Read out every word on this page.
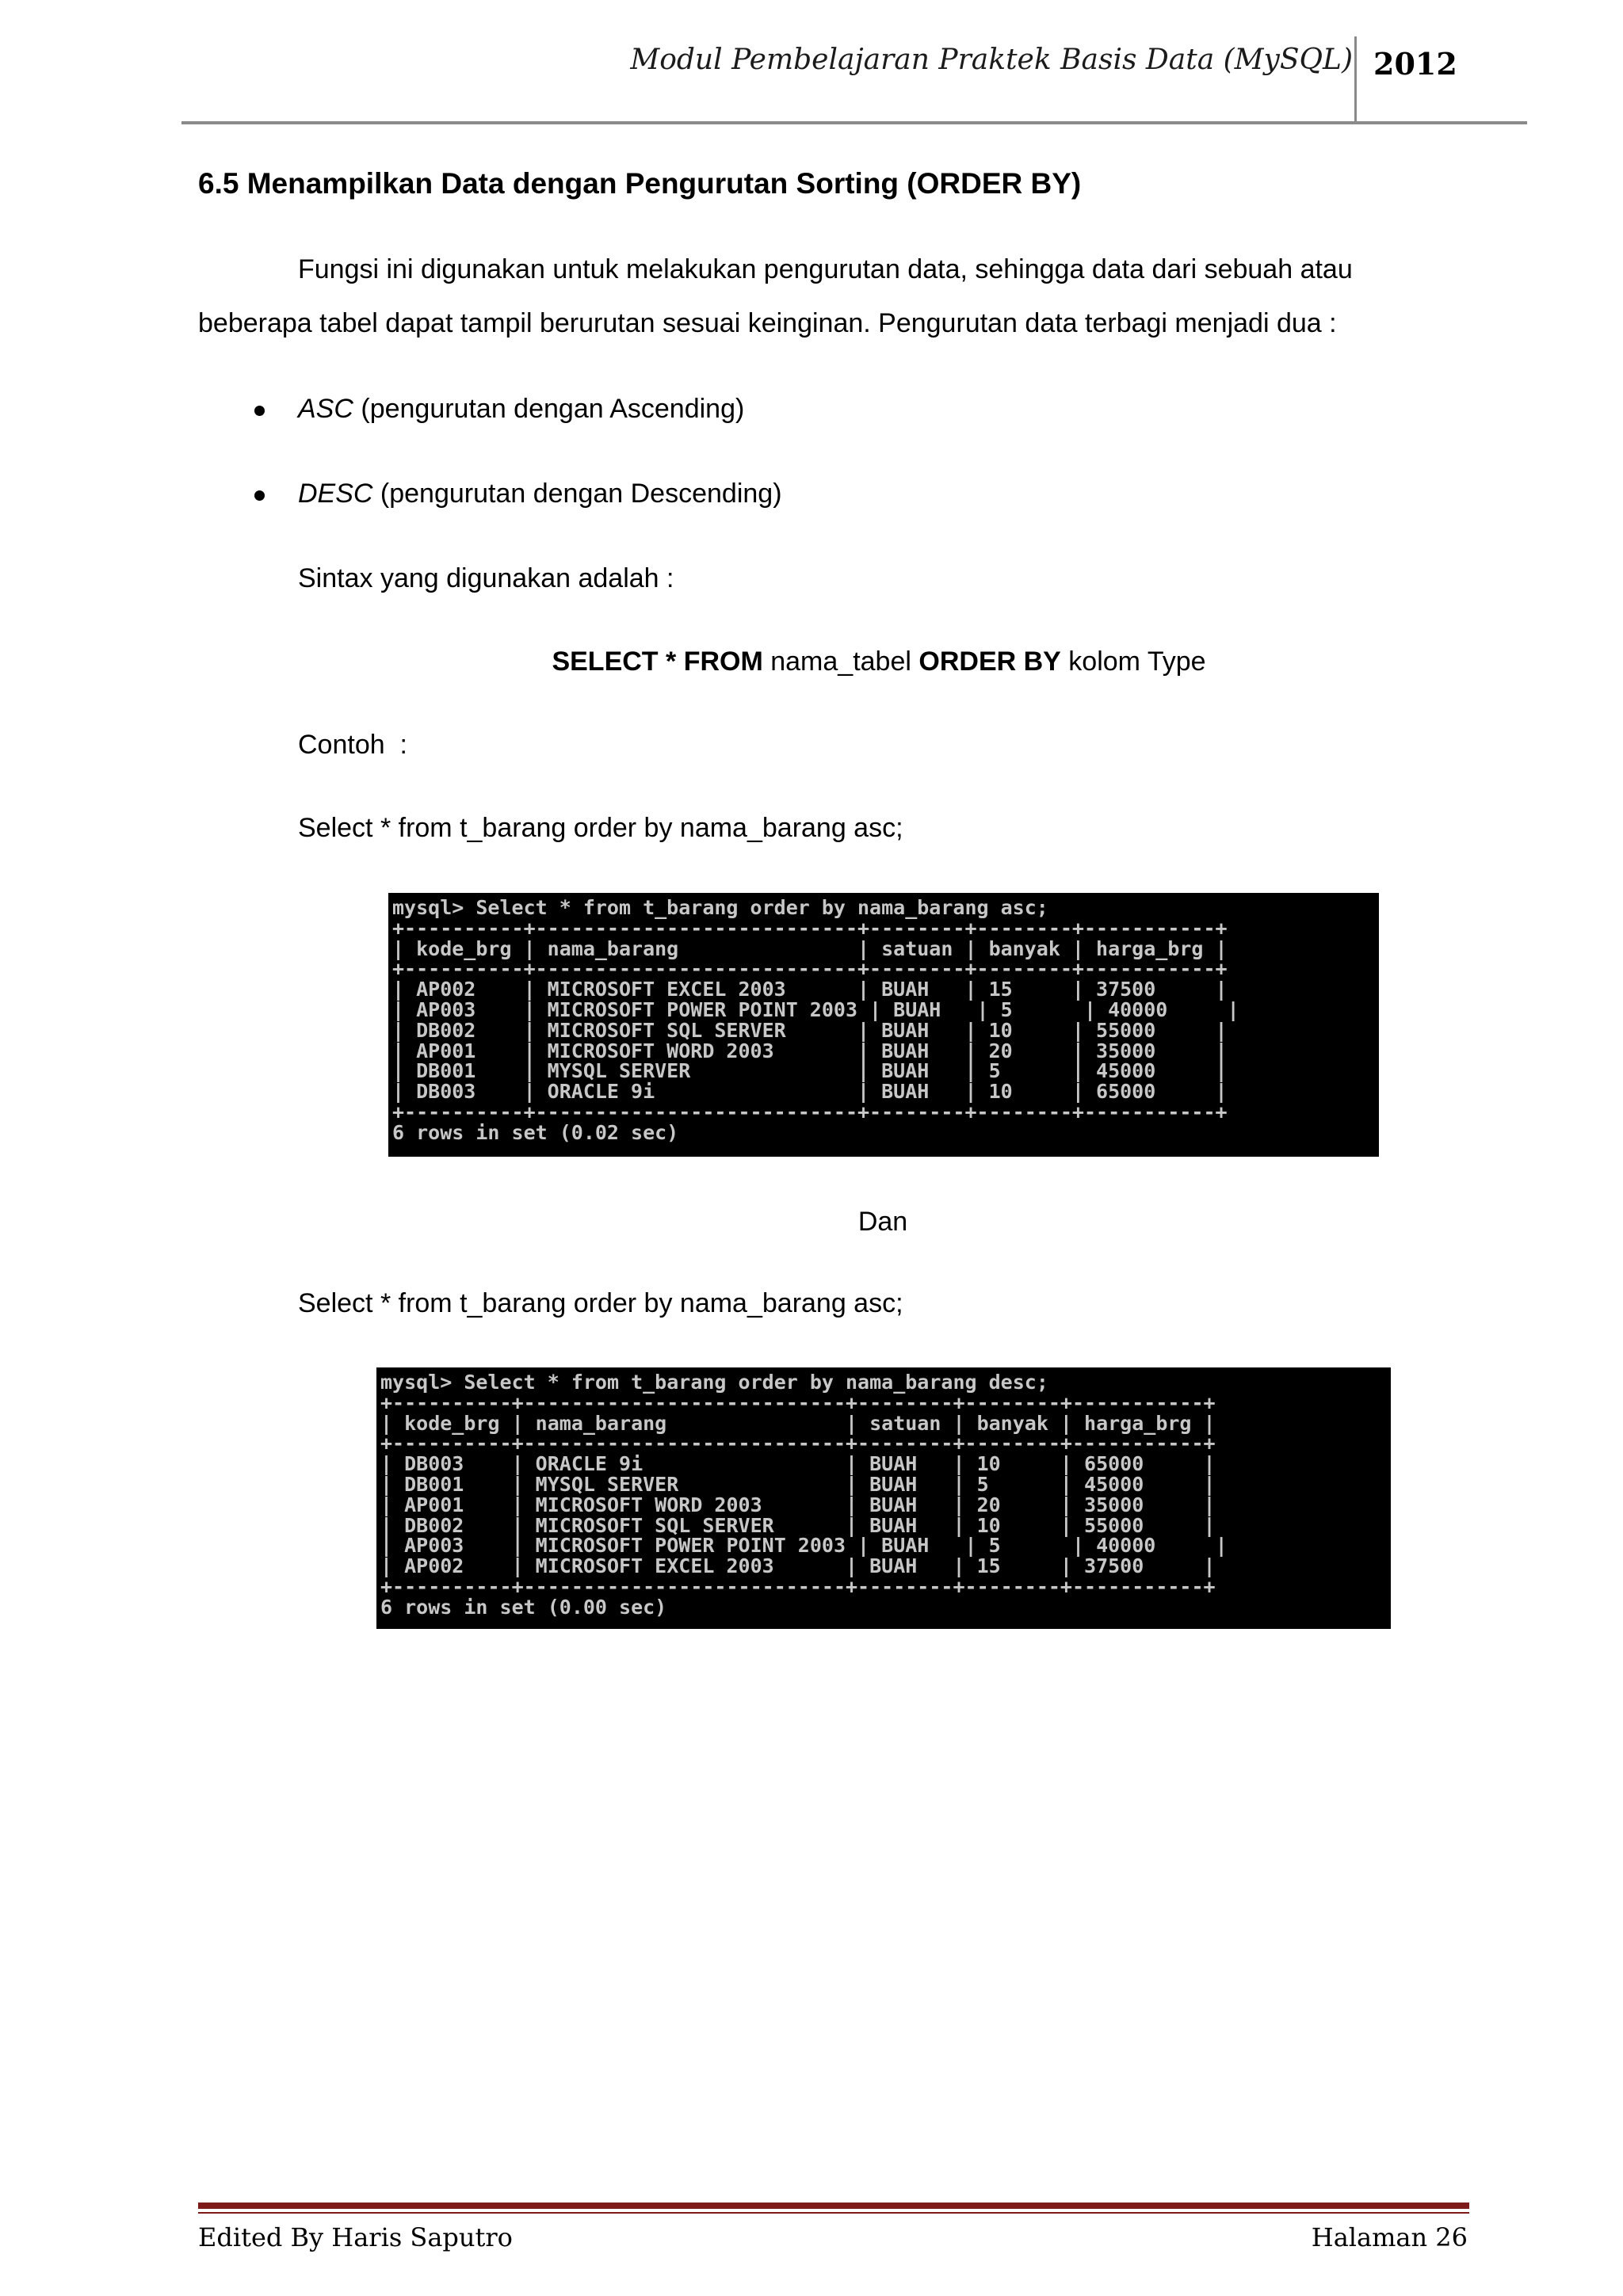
Modul Pembelajaran Praktek Basis Data (MySQL) 2012
6.5 Menampilkan Data dengan Pengurutan Sorting (ORDER BY)
Fungsi ini digunakan untuk melakukan pengurutan data, sehingga data dari sebuah atau
beberapa tabel dapat tampil berurutan sesuai keinginan. Pengurutan data terbagi menjadi dua :
ASC (pengurutan dengan Ascending)
DESC (pengurutan dengan Descending)
Sintax yang digunakan adalah :
SELECT * FROM nama_tabel ORDER BY kolom Type
Contoh  :
Select * from t_barang order by nama_barang asc;
mysql> Select * from t_barang order by nama_barang asc;
+----------+---------------------------+--------+--------+-----------+
| kode_brg | nama_barang               | satuan | banyak | harga_brg |
+----------+---------------------------+--------+--------+-----------+
| AP002    | MICROSOFT EXCEL 2003      | BUAH   | 15     | 37500     |
| AP003    | MICROSOFT POWER POINT 2003 | BUAH   | 5      | 40000     |
| DB002    | MICROSOFT SQL SERVER      | BUAH   | 10     | 55000     |
| AP001    | MICROSOFT WORD 2003       | BUAH   | 20     | 35000     |
| DB001    | MYSQL SERVER              | BUAH   | 5      | 45000     |
| DB003    | ORACLE 9i                 | BUAH   | 10     | 65000     |
+----------+---------------------------+--------+--------+-----------+
6 rows in set (0.02 sec)
Dan
Select * from t_barang order by nama_barang asc;
mysql> Select * from t_barang order by nama_barang desc;
+----------+---------------------------+--------+--------+-----------+
| kode_brg | nama_barang               | satuan | banyak | harga_brg |
+----------+---------------------------+--------+--------+-----------+
| DB003    | ORACLE 9i                 | BUAH   | 10     | 65000     |
| DB001    | MYSQL SERVER              | BUAH   | 5      | 45000     |
| AP001    | MICROSOFT WORD 2003       | BUAH   | 20     | 35000     |
| DB002    | MICROSOFT SQL SERVER      | BUAH   | 10     | 55000     |
| AP003    | MICROSOFT POWER POINT 2003 | BUAH   | 5      | 40000     |
| AP002    | MICROSOFT EXCEL 2003      | BUAH   | 15     | 37500     |
+----------+---------------------------+--------+--------+-----------+
6 rows in set (0.00 sec)
Edited By Haris Saputro	Halaman 26
